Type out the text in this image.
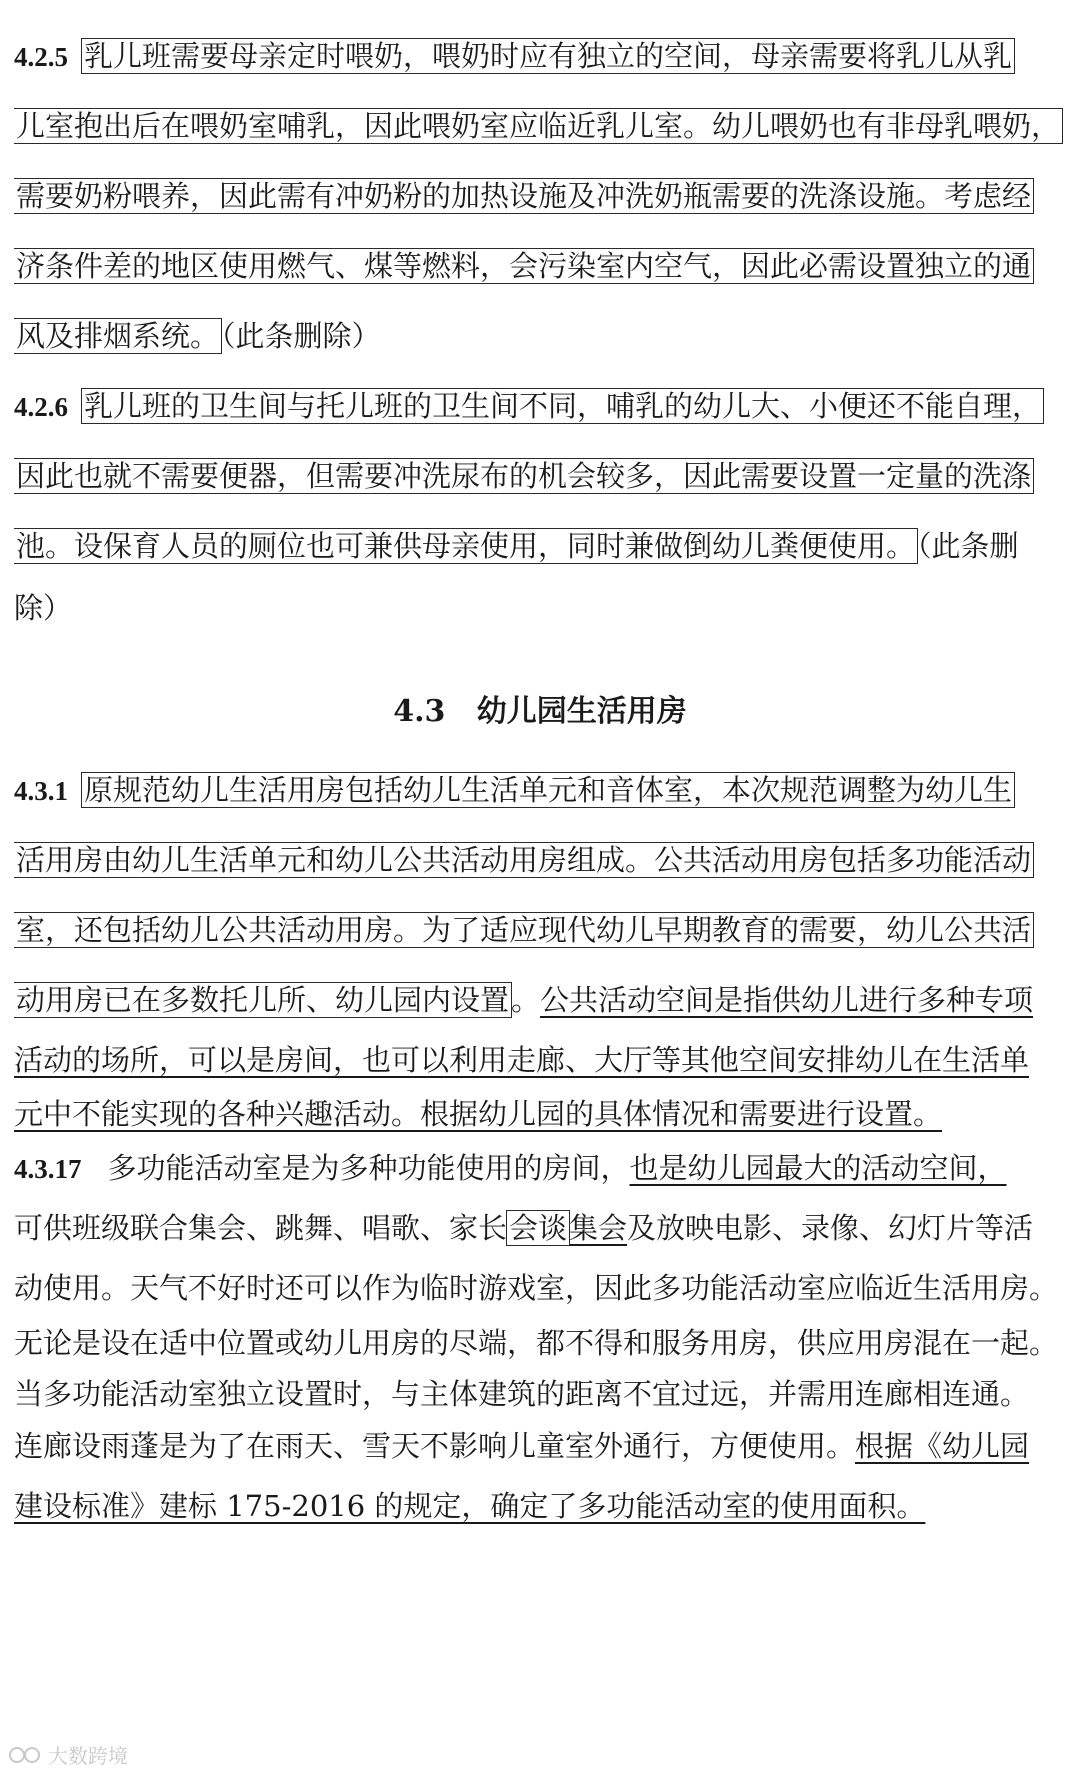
4.2.5 乳儿班需要母亲定时喂奶，喂奶时应有独立的空间，母亲需要将乳儿从乳
儿室抱出后在喂奶室哺乳，因此喂奶室应临近乳儿室。幼儿喂奶也有非母乳喂奶，
需要奶粉喂养，因此需有冲奶粉的加热设施及冲洗奶瓶需要的洗涤设施。考虑经
济条件差的地区使用燃气、煤等燃料，会污染室内空气，因此必需设置独立的通
风及排烟系统。（此条删除）
4.2.6 乳儿班的卫生间与托儿班的卫生间不同，哺乳的幼儿大、小便还不能自理，
因此也就不需要便器，但需要冲洗尿布的机会较多，因此需要设置一定量的洗涤
池。设保育人员的厕位也可兼供母亲使用，同时兼做倒幼儿粪便使用。（此条删
除）
4.3 幼儿园生活用房
4.3.1 原规范幼儿生活用房包括幼儿生活单元和音体室，本次规范调整为幼儿生
活用房由幼儿生活单元和幼儿公共活动用房组成。公共活动用房包括多功能活动
室，还包括幼儿公共活动用房。为了适应现代幼儿早期教育的需要，幼儿公共活
动用房已在多数托儿所、幼儿园内设置。公共活动空间是指供幼儿进行多种专项
活动的场所，可以是房间，也可以利用走廊、大厅等其他空间安排幼儿在生活单
元中不能实现的各种兴趣活动。根据幼儿园的具体情况和需要进行设置。
4.3.17 多功能活动室是为多种功能使用的房间，也是幼儿园最大的活动空间，
可供班级联合集会、跳舞、唱歌、家长会谈集会及放映电影、录像、幻灯片等活
动使用。天气不好时还可以作为临时游戏室，因此多功能活动室应临近生活用房。
无论是设在适中位置或幼儿用房的尽端，都不得和服务用房，供应用房混在一起。
当多功能活动室独立设置时，与主体建筑的距离不宜过远，并需用连廊相连通。
连廊设雨蓬是为了在雨天、雪天不影响儿童室外通行，方便使用。根据《幼儿园
建设标准》建标 175-2016 的规定，确定了多功能活动室的使用面积。
大数跨境
